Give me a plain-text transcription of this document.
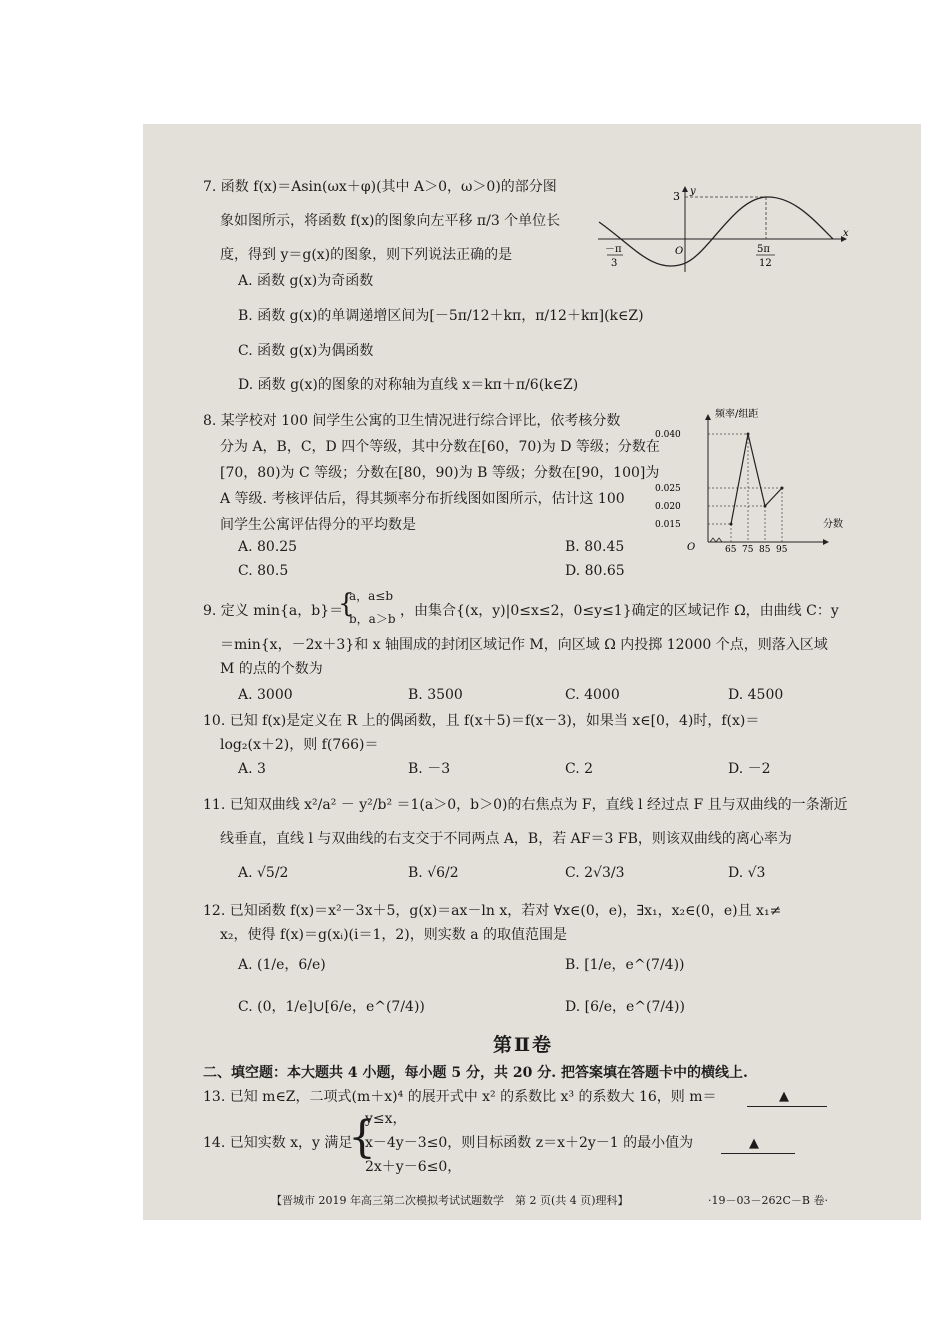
7. 函数 f(x)＝Asin(ωx＋φ)(其中 A＞0，ω＞0)的部分图
象如图所示，将函数 f(x)的图象向左平移 π/3 个单位长
度，得到 y＝g(x)的图象，则下列说法正确的是
A. 函数 g(x)为奇函数
B. 函数 g(x)的单调递增区间为[－5π/12＋kπ，π/12＋kπ](k∈Z)
C. 函数 g(x)为偶函数
D. 函数 g(x)的图象的对称轴为直线 x＝kπ＋π/6(k∈Z)
3 y
x
O
－π
3
5π
12
8. 某学校对 100 间学生公寓的卫生情况进行综合评比，依考核分数
分为 A，B，C，D 四个等级，其中分数在[60，70)为 D 等级；分数在
[70，80)为 C 等级；分数在[80，90)为 B 等级；分数在[90，100]为
A 等级. 考核评估后，得其频率分布折线图如图所示，估计这 100
间学生公寓评估得分的平均数是
A. 80.25	B. 80.45
C. 80.5	D. 80.65
频率/组距
分数
O
0.040
0.025
0.020
0.015
65 75 85 95
9. 定义 min{a，b}＝
{
a，a≤b
b，a＞b ，由集合{(x，y)|0≤x≤2，0≤y≤1}确定的区域记作 Ω，由曲线 C：y
＝min{x，－2x＋3}和 x 轴围成的封闭区域记作 M，向区域 Ω 内投掷 12000 个点，则落入区域
M 的点的个数为
A. 3000	B. 3500	C. 4000	D. 4500
10. 已知 f(x)是定义在 R 上的偶函数，且 f(x＋5)＝f(x－3)，如果当 x∈[0，4)时，f(x)＝
log₂(x＋2)，则 f(766)＝
A. 3	B. －3	C. 2	D. －2
11. 已知双曲线 x²/a² － y²/b² ＝1(a＞0，b＞0)的右焦点为 F，直线 l 经过点 F 且与双曲线的一条渐近
线垂直，直线 l 与双曲线的右支交于不同两点 A，B，若 AF＝3 FB，则该双曲线的离心率为
A. √5/2	B. √6/2	C. 2√3/3	D. √3
12. 已知函数 f(x)＝x²－3x＋5，g(x)＝ax－ln x，若对 ∀x∈(0，e)，∃x₁，x₂∈(0，e)且 x₁≠
x₂，使得 f(x)＝g(xᵢ)(i＝1，2)，则实数 a 的取值范围是
A. (1/e，6/e)	B. [1/e，e^(7/4))
C. (0，1/e]∪[6/e，e^(7/4))	D. [6/e，e^(7/4))
第Ⅱ卷
二、填空题：本大题共 4 小题，每小题 5 分，共 20 分. 把答案填在答题卡中的横线上.
13. 已知 m∈Z，二项式(m＋x)⁴ 的展开式中 x² 的系数比 x³ 的系数大 16，则 m＝	▲
14. 已知实数 x，y 满足
{
y≤x，
x－4y－3≤0，则目标函数 z＝x＋2y－1 的最小值为
2x＋y－6≤0，
▲
【晋城市 2019 年高三第二次模拟考试试题数学　第 2 页(共 4 页)理科】	·19－03－262C－B 卷·
